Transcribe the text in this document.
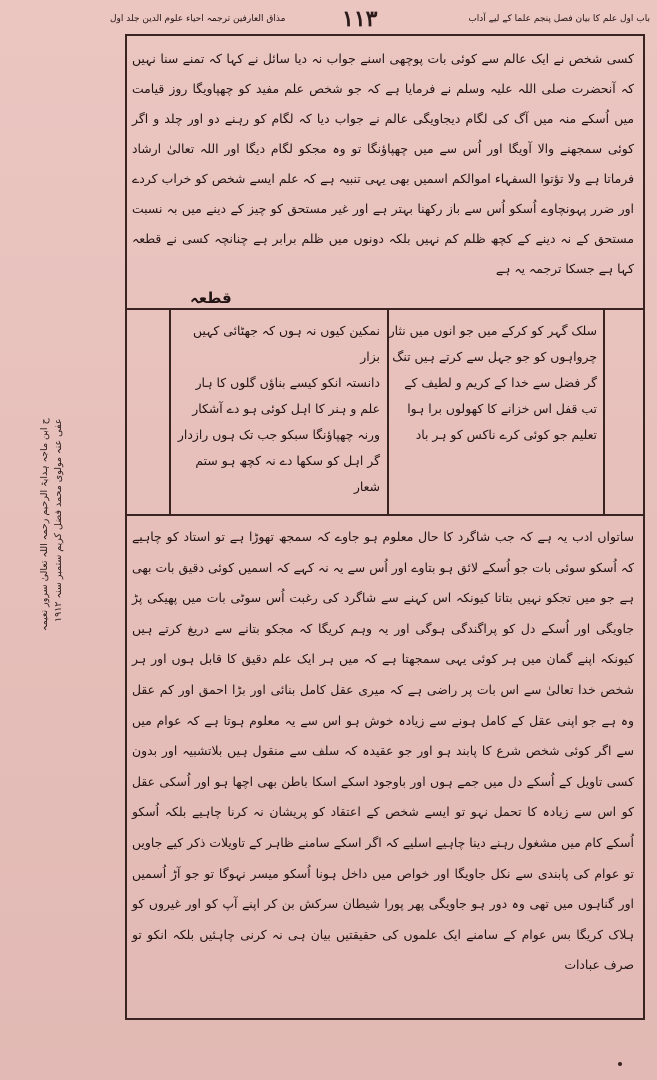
باب اول علم کا بیان فصل پنجم علما کے لیے آداب
۱۱۳
مذاق العارفین ترجمہ احیاء علوم الدین جلد اول
کسی شخص نے ایک عالم سے کوئی بات پوچھی اسنے جواب نہ دیا سائل نے کہا کہ تمنے سنا نہیں کہ آنحضرت صلی اللہ علیہ وسلم نے فرمایا ہے کہ جو شخص علم مفید کو چھپاویگا روز قیامت میں اُسکے منہ میں آگ کی لگام دیجاویگی عالم نے جواب دیا کہ لگام کو رہنے دو اور چلد و اگر کوئی سمجھنے والا آویگا اور اُس سے میں چھپاؤنگا تو وہ مجکو لگام دیگا اور اللہ تعالیٰ ارشاد فرماتا ہے ولا تؤتوا السفہاء اموالکم اسمیں بھی یہی تنبیہ ہے کہ علم ایسے شخص کو خراب کردے اور ضرر پہونچاوے اُسکو اُس سے باز رکھنا بہتر ہے اور غیر مستحق کو چیز کے دینے میں بہ نسبت مستحق کے نہ دینے کے کچھ ظلم کم نہیں بلکہ دونوں میں ظلم برابر ہے چنانچہ کسی نے قطعہ کہا ہے جسکا ترجمہ یہ ہے
قطعہ
سلک گہر کو کرکے میں جو انوں میں نثار
چرواہوں کو جو جہل سے کرتے ہیں تنگ
گر فضل سے خدا کے کریم و لطیف کے
تب قفل اس خزانے کا کھولوں برا ہوا
تعلیم جو کوئی کرے ناکس کو ہر باد
نمکین کیوں نہ ہوں کہ جھٹائی کہیں بزار
دانستہ انکو کیسے بناؤں گلوں کا ہار
علم و ہنر کا اہل کوئی ہو دے آشکار
ورنہ چھپاؤنگا سبکو جب تک ہوں رازدار
گر اہل کو سکھا دے نہ کچھ ہو ستم شعار
ساتواں ادب یہ ہے کہ جب شاگرد کا حال معلوم ہو جاوے کہ سمجھ تھوڑا ہے تو استاد کو چاہیے کہ اُسکو سوئی بات جو اُسکے لائق ہو بتاوے اور اُس سے یہ نہ کہے کہ اسمیں کوئی دقیق بات بھی ہے جو میں تجکو نہیں بتاتا کیونکہ اس کہنے سے شاگرد کی رغبت اُس سوٹی بات میں پھیکی پڑ جاویگی اور اُسکے دل کو پراگندگی ہوگی اور یہ وہم کریگا کہ مجکو بتانے سے دریغ کرتے ہیں کیونکہ اپنے گمان میں ہر کوئی یہی سمجھتا ہے کہ میں ہر ایک علم دقیق کا قابل ہوں اور ہر شخص خدا تعالیٰ سے اس بات پر راضی ہے کہ میری عقل کامل بنائی اور بڑا احمق اور کم عقل وہ ہے جو اپنی عقل کے کامل ہونے سے زیادہ خوش ہو اس سے یہ معلوم ہوتا ہے کہ عوام میں سے اگر کوئی شخص شرع کا پابند ہو اور جو عقیدہ کہ سلف سے منقول ہیں بلاتشبیہ اور بدون کسی تاویل کے اُسکے دل میں جمے ہوں اور باوجود اسکے اسکا باطن بھی اچھا ہو اور اُسکی عقل کو اس سے زیادہ کا تحمل نہو تو ایسے شخص کے اعتقاد کو پریشان نہ کرنا چاہیے بلکہ اُسکو اُسکے کام میں مشغول رہنے دینا چاہیے اسلیے کہ اگر اسکے سامنے ظاہر کے تاویلات ذکر کیے جاویں تو عوام کی پابندی سے نکل جاویگا اور خواص میں داخل ہونا اُسکو میسر نہوگا تو جو آڑ اُسمیں اور گناہوں میں تھی وہ دور ہو جاویگی پھر پورا شیطان سرکش بن کر اپنے آپ کو اور غیروں کو ہلاک کریگا بس عوام کے سامنے ایک علموں کی حقیقتیں بیان ہی نہ کرنی چاہئیں بلکہ انکو تو صرف عبادات
ح ابن ماجہ ہدایۃ الرحیم رحمہ اللہ تعالیٰ سرور نعیمہ عفی عنہ مولوی محمد فضل کریم ستمبر سنہ ۱۹۱۲
